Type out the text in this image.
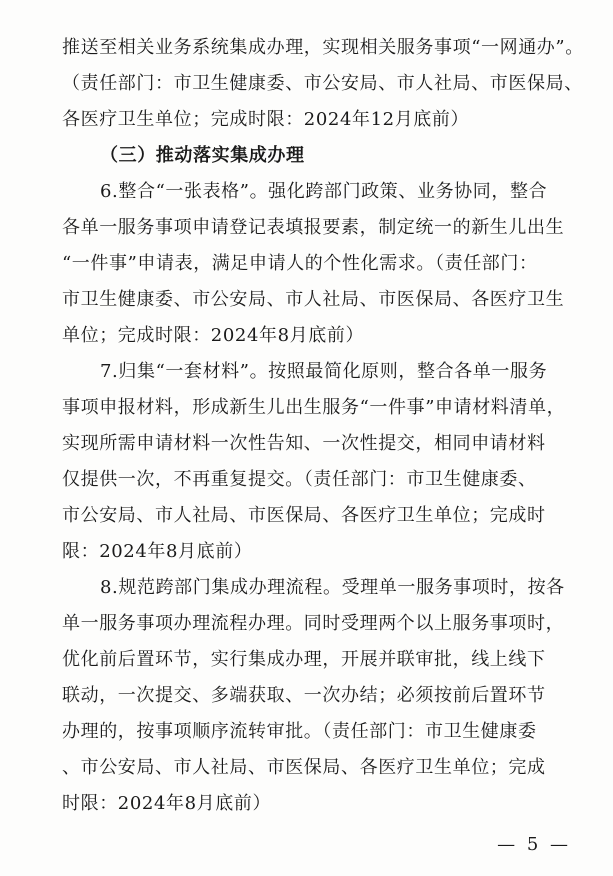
推送至相关业务系统集成办理，实现相关服务事项“一网通办”。
（责任部门：市卫生健康委、市公安局、市人社局、市医保局、
各医疗卫生单位；完成时限：2024年12月底前）
（三）推动落实集成办理
6.整合“一张表格”。强化跨部门政策、业务协同，整合
各单一服务事项申请登记表填报要素，制定统一的新生儿出生
“一件事”申请表，满足申请人的个性化需求。（责任部门：
市卫生健康委、市公安局、市人社局、市医保局、各医疗卫生
单位；完成时限：2024年8月底前）
7.归集“一套材料”。按照最简化原则，整合各单一服务
事项申报材料，形成新生儿出生服务“一件事”申请材料清单，
实现所需申请材料一次性告知、一次性提交，相同申请材料
仅提供一次，不再重复提交。（责任部门：市卫生健康委、
市公安局、市人社局、市医保局、各医疗卫生单位；完成时
限：2024年8月底前）
8.规范跨部门集成办理流程。受理单一服务事项时，按各
单一服务事项办理流程办理。同时受理两个以上服务事项时，
优化前后置环节，实行集成办理，开展并联审批，线上线下
联动，一次提交、多端获取、一次办结；必须按前后置环节
办理的，按事项顺序流转审批。（责任部门：市卫生健康委
、市公安局、市人社局、市医保局、各医疗卫生单位；完成
时限：2024年8月底前）
— 5 —
